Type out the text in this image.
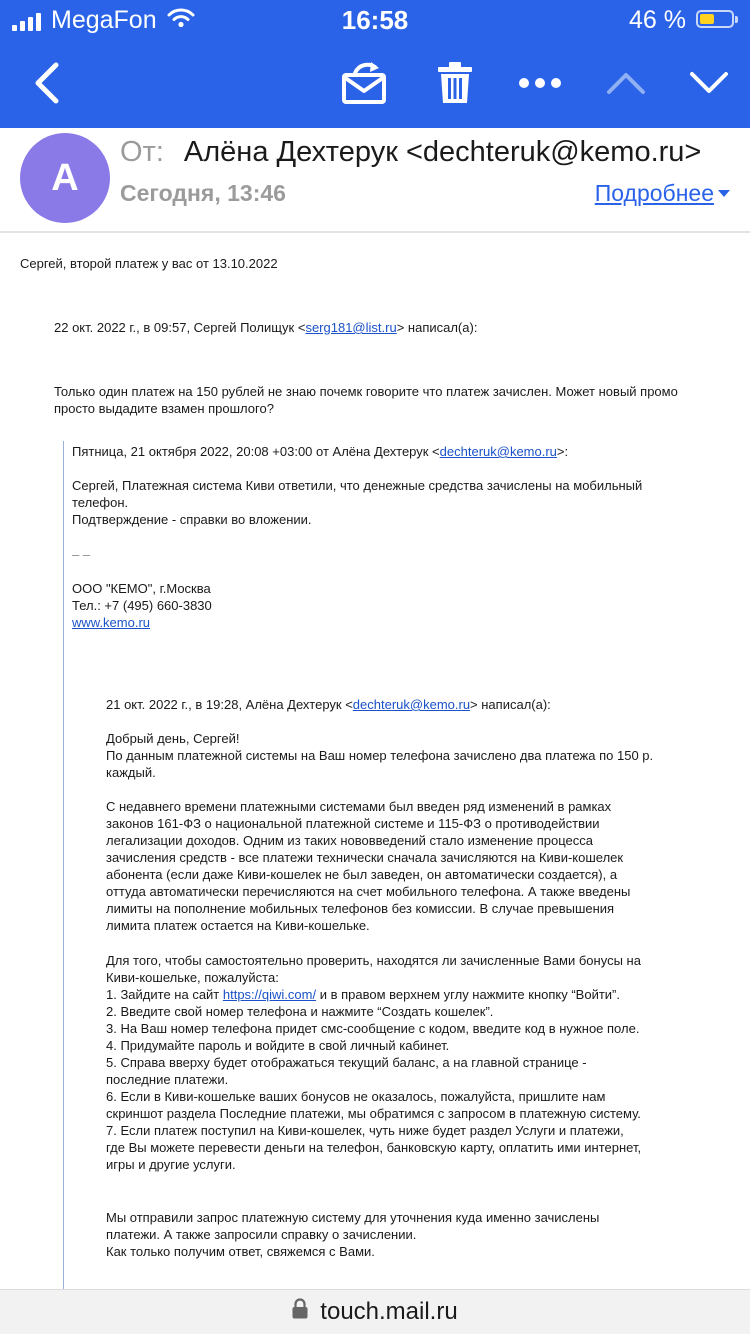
MegaFon	16:58	46 %
A
От: Алёна Дехтерук <dechteruk@kemo.ru>
Сегодня, 13:46	Подробнее
Сергей, второй платеж у вас от 13.10.2022
22 окт. 2022 г., в 09:57, Сергей Полищук <serg181@list.ru> написал(а):
Только один платеж на 150 рублей не знаю почемк говорите что платеж зачислен. Может новый промо
просто выдадите взамен прошлого?
Пятница, 21 октября 2022, 20:08 +03:00 от Алёна Дехтерук <dechteruk@kemo.ru>:
Сергей, Платежная система Киви ответили, что денежные средства зачислены на мобильный
телефон.
Подтверждение - справки во вложении.
– –
ООО "КЕМО", г.Москва
Тел.: +7 (495) 660-3830
www.kemo.ru
21 окт. 2022 г., в 19:28, Алёна Дехтерук <dechteruk@kemo.ru> написал(а):
Добрый день, Сергей!
По данным платежной системы на Ваш номер телефона зачислено два платежа по 150 р.
каждый.
С недавнего времени платежными системами был введен ряд изменений в рамках
законов 161-ФЗ о национальной платежной системе и 115-ФЗ о противодействии
легализации доходов. Одним из таких нововведений стало изменение процесса
зачисления средств - все платежи технически сначала зачисляются на Киви-кошелек
абонента (если даже Киви-кошелек не был заведен, он автоматически создается), а
оттуда автоматически перечисляются на счет мобильного телефона. А также введены
лимиты на пополнение мобильных телефонов без комиссии. В случае превышения
лимита платеж остается на Киви-кошельке.
Для того, чтобы самостоятельно проверить, находятся ли зачисленные Вами бонусы на
Киви-кошельке, пожалуйста:
1. Зайдите на сайт https://qiwi.com/ и в правом верхнем углу нажмите кнопку “Войти”.
2. Введите свой номер телефона и нажмите “Создать кошелек”.
3. На Ваш номер телефона придет смс-сообщение с кодом, введите код в нужное поле.
4. Придумайте пароль и войдите в свой личный кабинет.
5. Справа вверху будет отображаться текущий баланс, а на главной странице -
последние платежи.
6. Если в Киви-кошельке ваших бонусов не оказалось, пожалуйста, пришлите нам
скриншот раздела Последние платежи, мы обратимся с запросом в платежную систему.
7. Если платеж поступил на Киви-кошелек, чуть ниже будет раздел Услуги и платежи,
где Вы можете перевести деньги на телефон, банковскую карту, оплатить ими интернет,
игры и другие услуги.
Мы отправили запрос платежную систему для уточнения куда именно зачислены
платежи. А также запросили справку о зачислении.
Как только получим ответ, свяжемся с Вами.
touch.mail.ru
